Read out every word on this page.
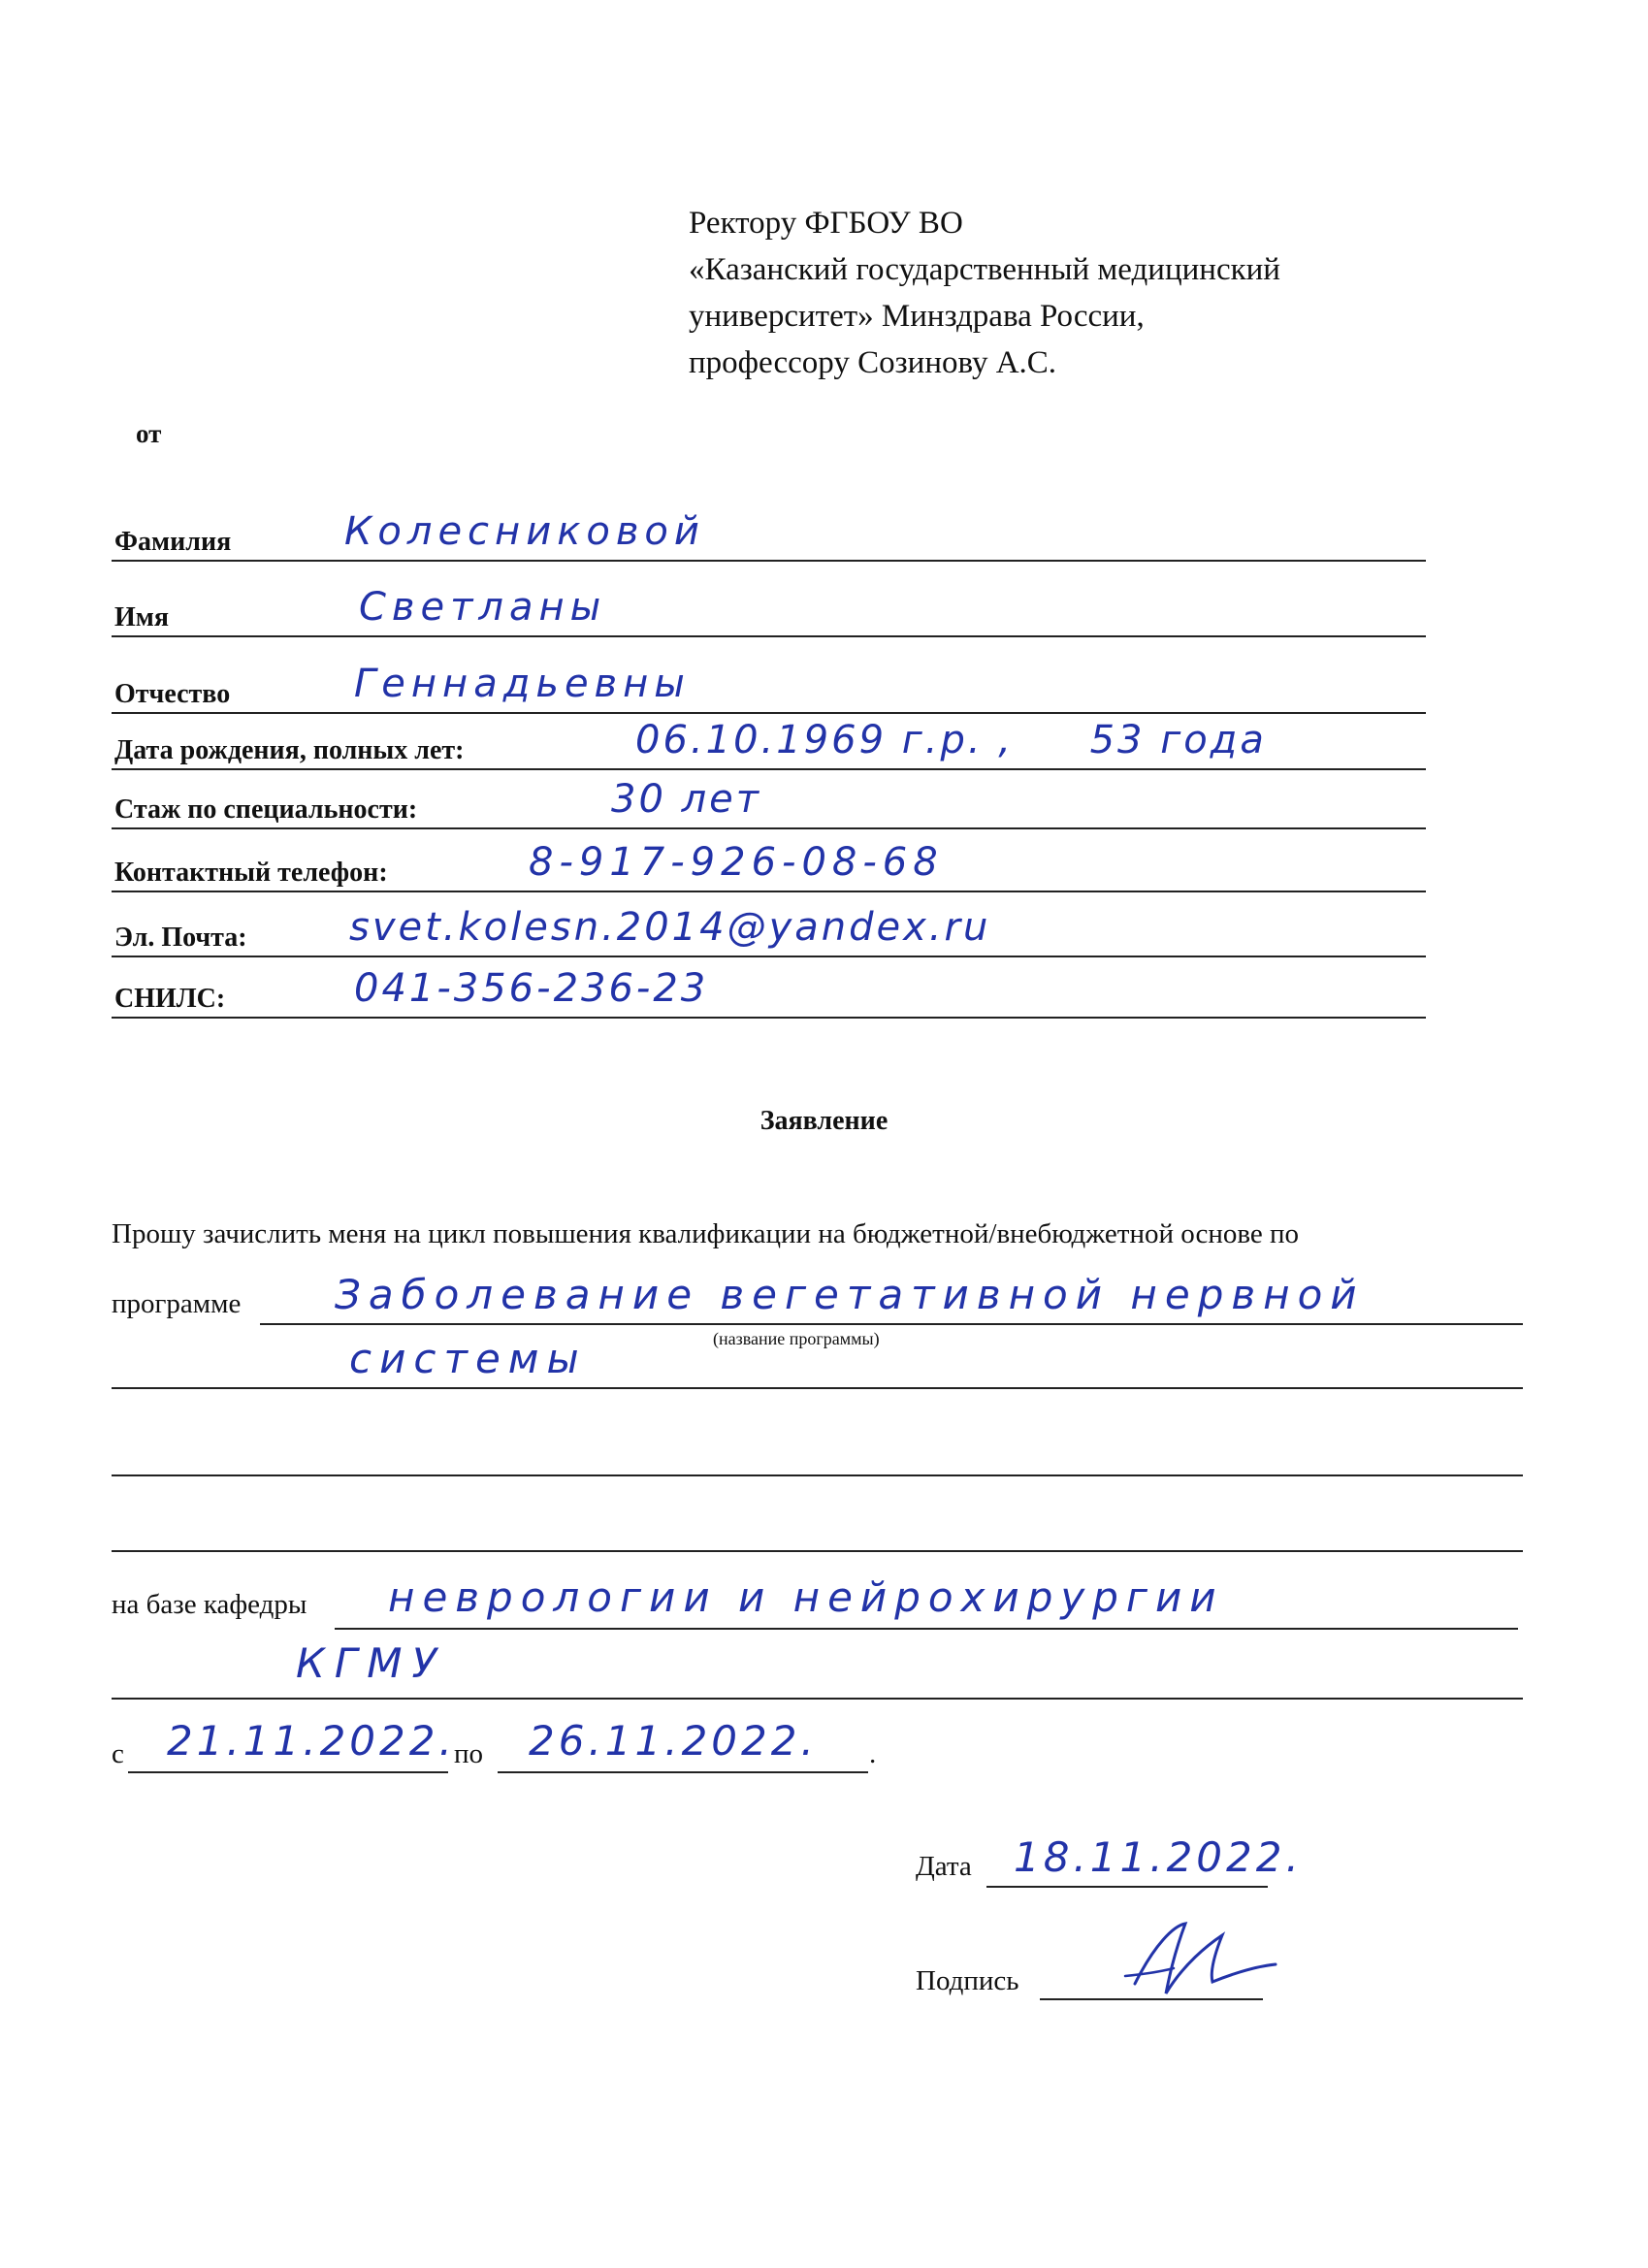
Ректору ФГБОУ ВО
«Казанский государственный медицинский
университет» Минздрава России,
профессору Созинову А.С.
от
Фамилия	Колесниковой
Имя	Светланы
Отчество	Геннадьевны
Дата рождения, полных лет:	06.10.1969 г.р. ,     53 года
Стаж по специальности:	30 лет
Контактный телефон:	8-917-926-08-68
Эл. Почта:	svet.kolesn.2014@yandex.ru
СНИЛС:	041-356-236-23
Заявление
Прошу зачислить меня на цикл повышения квалификации на бюджетной/внебюджетной основе по
программе Заболевание вегетативной нервной
(название программы)
системы
на базе кафедры неврологии и нейрохирургии
КГМУ
с 21.11.2022.
по 26.11.2022. .
Дата 18.11.2022.
Подпись
